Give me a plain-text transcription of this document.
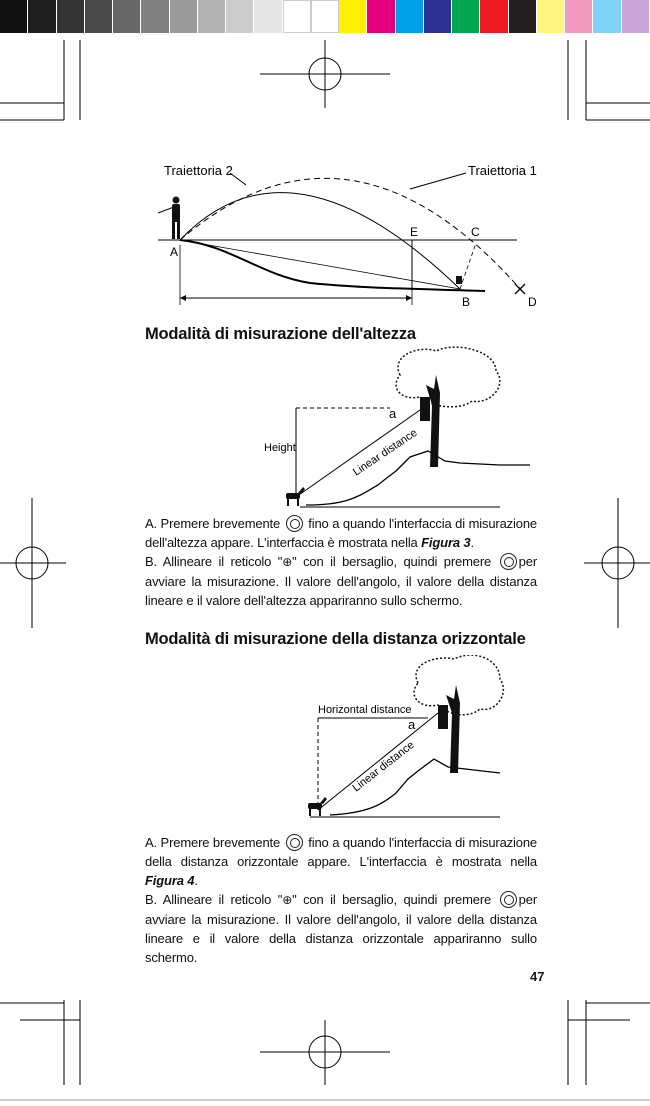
Traiettoria 2	Traiettoria 1
A
B
C
D
E
Modalità di misurazione dell'altezza
Height	Linear distance
a

A. Premere brevemente fino a quando l'interfaccia di misurazione dell'altezza appare. L'interfaccia è mostrata nella Figura 3.

B. Allineare il reticolo "⊕" con il bersaglio, quindi premere per avviare la misurazione. Il valore dell'angolo, il valore della distanza lineare e il valore dell'altezza appariranno sullo schermo.

Modalità di misurazione della distanza orizzontale
Horizontal distance
Linear distance
a

A. Premere brevemente fino a quando l'interfaccia di misurazione della distanza orizzontale appare. L'interfaccia è mostrata nella Figura 4.

B. Allineare il reticolo "⊕" con il bersaglio, quindi premere per avviare la misurazione. Il valore dell'angolo, il valore della distanza lineare e il valore della distanza orizzontale appariranno sullo schermo.

47
